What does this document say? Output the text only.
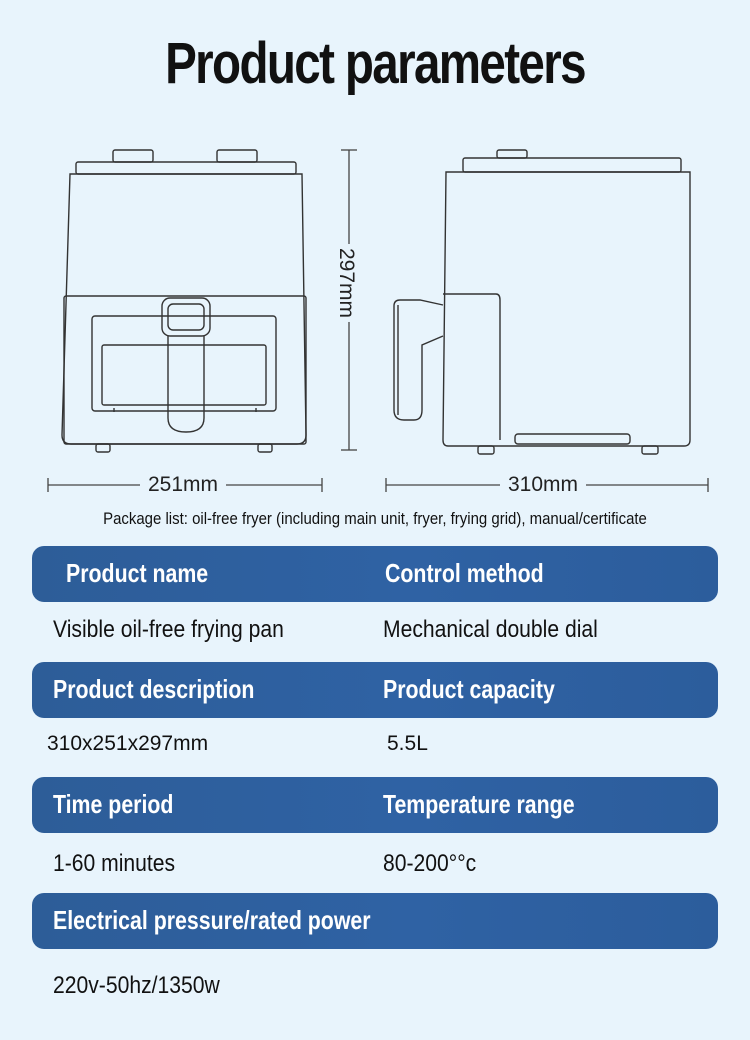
Product parameters
297mm
251mm	310mm
Package list: oil-free fryer (including main unit, fryer, frying grid), manual/certificate
Product name	Control method
Visible oil-free frying pan	Mechanical double dial
Product description	Product capacity
310x251x297mm	5.5L
Time period	Temperature range
1-60 minutes	80-200°°c
Electrical pressure/rated power
220v-50hz/1350w
